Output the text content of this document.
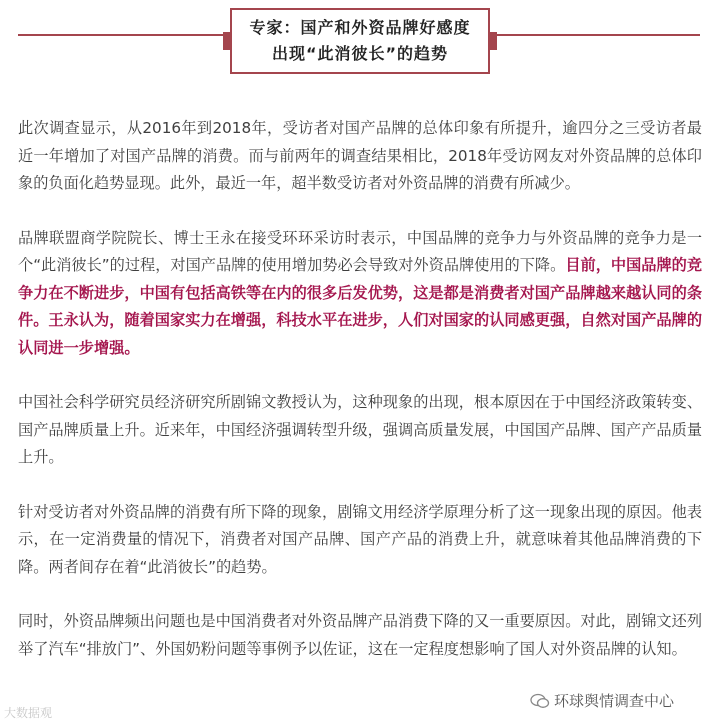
专家：国产和外资品牌好感度
出现“此消彼长”的趋势

此次调查显示，从2016年到2018年，受访者对国产品牌的总体印象有所提升，逾四分之三受访者最近一年增加了对国产品牌的消费。而与前两年的调查结果相比，2018年受访网友对外资品牌的总体印象的负面化趋势显现。此外，最近一年，超半数受访者对外资品牌的消费有所减少。

品牌联盟商学院院长、博士王永在接受环环采访时表示，中国品牌的竞争力与外资品牌的竞争力是一个“此消彼长”的过程，对国产品牌的使用增加势必会导致对外资品牌使用的下降。目前，中国品牌的竞争力在不断进步，中国有包括高铁等在内的很多后发优势，这是都是消费者对国产品牌越来越认同的条件。王永认为，随着国家实力在增强，科技水平在进步，人们对国家的认同感更强，自然对国产品牌的认同进一步增强。

中国社会科学研究员经济研究所剧锦文教授认为，这种现象的出现，根本原因在于中国经济政策转变、国产品牌质量上升。近来年，中国经济强调转型升级，强调高质量发展，中国国产品牌、国产产品质量上升。

针对受访者对外资品牌的消费有所下降的现象，剧锦文用经济学原理分析了这一现象出现的原因。他表示，在一定消费量的情况下，消费者对国产品牌、国产产品的消费上升，就意味着其他品牌消费的下降。两者间存在着“此消彼长”的趋势。

同时，外资品牌频出问题也是中国消费者对外资品牌产品消费下降的又一重要原因。对此，剧锦文还列举了汽车“排放门”、外国奶粉问题等事例予以佐证，这在一定程度想影响了国人对外资品牌的认知。

大数据观
环球舆情调查中心
